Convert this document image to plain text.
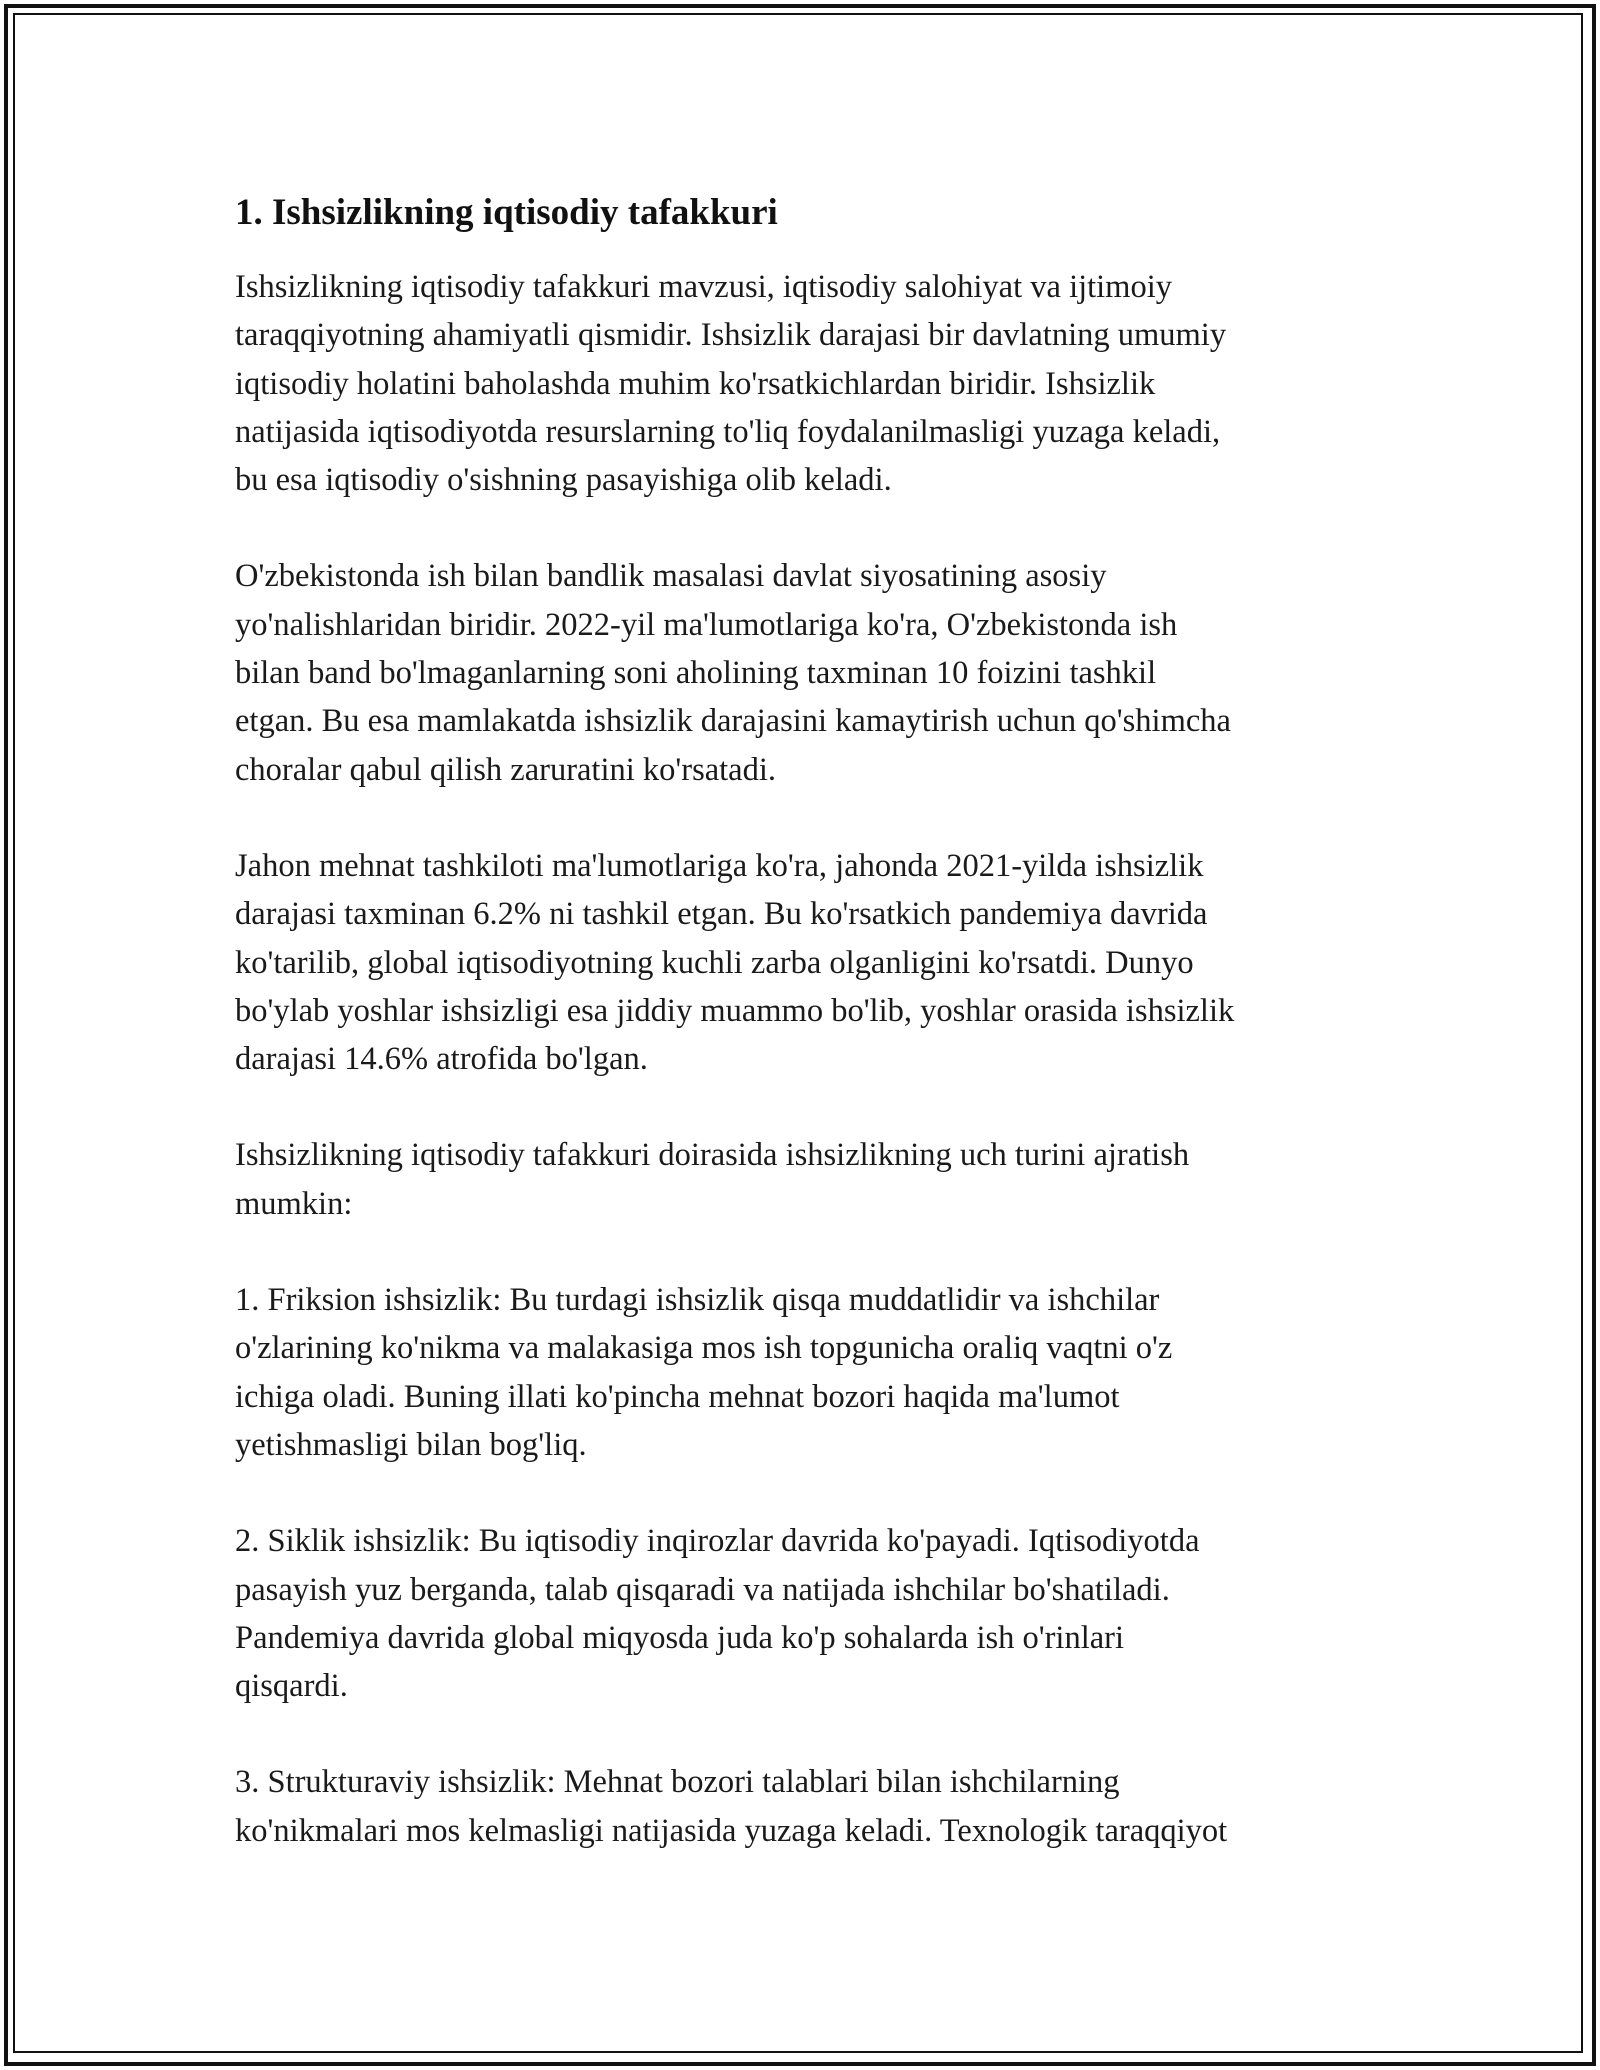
1. Ishsizlikning iqtisodiy tafakkuri

Ishsizlikning iqtisodiy tafakkuri mavzusi, iqtisodiy salohiyat va ijtimoiy
taraqqiyotning ahamiyatli qismidir. Ishsizlik darajasi bir davlatning umumiy
iqtisodiy holatini baholashda muhim ko'rsatkichlardan biridir. Ishsizlik
natijasida iqtisodiyotda resurslarning to'liq foydalanilmasligi yuzaga keladi,
bu esa iqtisodiy o'sishning pasayishiga olib keladi.

O'zbekistonda ish bilan bandlik masalasi davlat siyosatining asosiy
yo'nalishlaridan biridir. 2022-yil ma'lumotlariga ko'ra, O'zbekistonda ish
bilan band bo'lmaganlarning soni aholining taxminan 10 foizini tashkil
etgan. Bu esa mamlakatda ishsizlik darajasini kamaytirish uchun qo'shimcha
choralar qabul qilish zaruratini ko'rsatadi.

Jahon mehnat tashkiloti ma'lumotlariga ko'ra, jahonda 2021-yilda ishsizlik
darajasi taxminan 6.2% ni tashkil etgan. Bu ko'rsatkich pandemiya davrida
ko'tarilib, global iqtisodiyotning kuchli zarba olganligini ko'rsatdi. Dunyo
bo'ylab yoshlar ishsizligi esa jiddiy muammo bo'lib, yoshlar orasida ishsizlik
darajasi 14.6% atrofida bo'lgan.

Ishsizlikning iqtisodiy tafakkuri doirasida ishsizlikning uch turini ajratish
mumkin:

1. Friksion ishsizlik: Bu turdagi ishsizlik qisqa muddatlidir va ishchilar
o'zlarining ko'nikma va malakasiga mos ish topgunicha oraliq vaqtni o'z
ichiga oladi. Buning illati ko'pincha mehnat bozori haqida ma'lumot
yetishmasligi bilan bog'liq.

2. Siklik ishsizlik: Bu iqtisodiy inqirozlar davrida ko'payadi. Iqtisodiyotda
pasayish yuz berganda, talab qisqaradi va natijada ishchilar bo'shatiladi.
Pandemiya davrida global miqyosda juda ko'p sohalarda ish o'rinlari
qisqardi.

3. Strukturaviy ishsizlik: Mehnat bozori talablari bilan ishchilarning
ko'nikmalari mos kelmasligi natijasida yuzaga keladi. Texnologik taraqqiyot
